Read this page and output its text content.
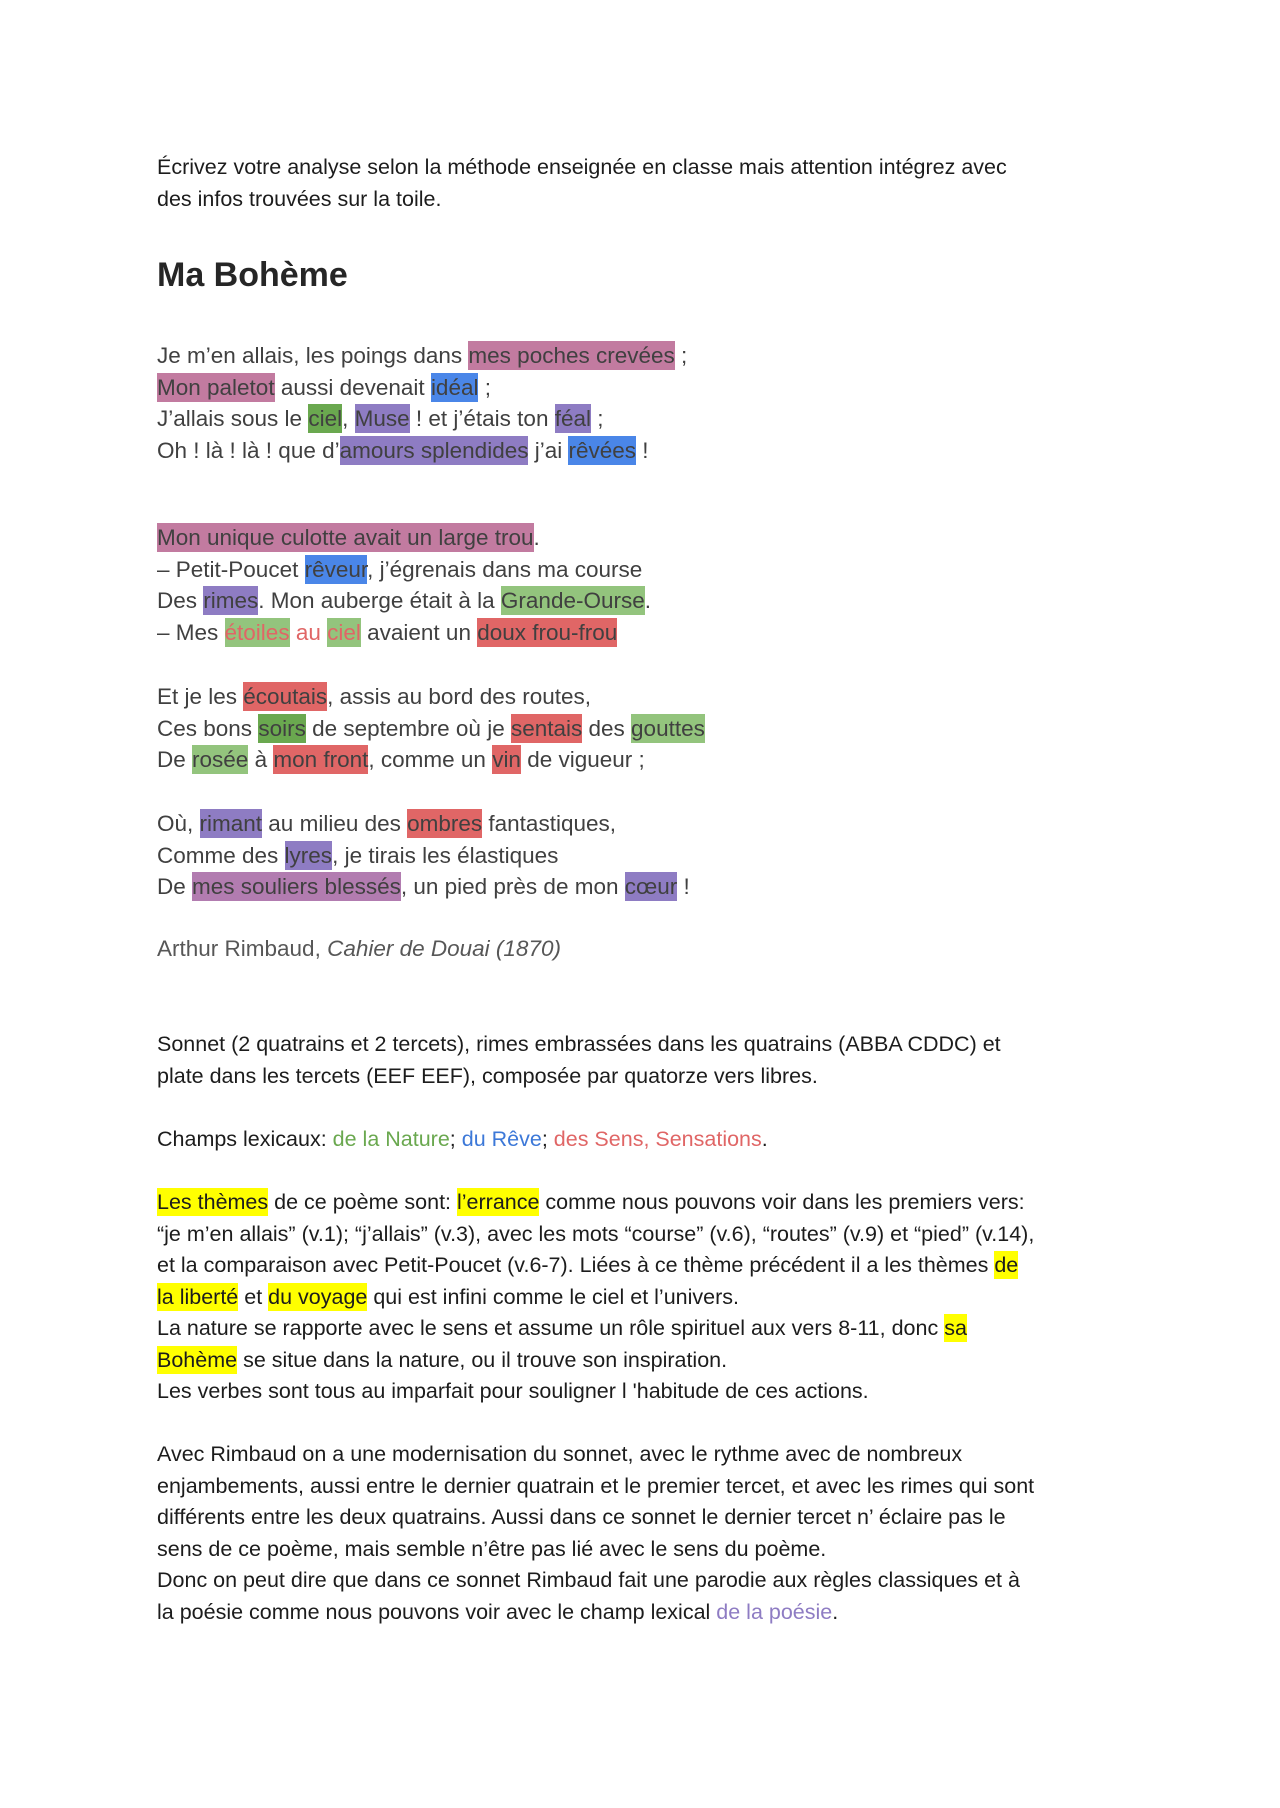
Écrivez votre analyse selon la méthode enseignée en classe mais attention intégrez avec
des infos trouvées sur la toile.
Ma Bohème
Je m’en allais, les poings dans mes poches crevées ;
Mon paletot aussi devenait idéal ;
J’allais sous le ciel, Muse ! et j’étais ton féal ;
Oh ! là ! là ! que d’amours splendides j’ai rêvées !
Mon unique culotte avait un large trou.
– Petit-Poucet rêveur, j’égrenais dans ma course
Des rimes. Mon auberge était à la Grande-Ourse.
– Mes étoiles au ciel avaient un doux frou-frou
Et je les écoutais, assis au bord des routes,
Ces bons soirs de septembre où je sentais des gouttes
De rosée à mon front, comme un vin de vigueur ;
Où, rimant au milieu des ombres fantastiques,
Comme des lyres, je tirais les élastiques
De mes souliers blessés, un pied près de mon cœur !
Arthur Rimbaud, Cahier de Douai (1870)
Sonnet (2 quatrains et 2 tercets), rimes embrassées dans les quatrains (ABBA CDDC) et
plate dans les tercets (EEF EEF), composée par quatorze vers libres.
Champs lexicaux: de la Nature; du Rêve; des Sens, Sensations.
Les thèmes de ce poème sont: l’errance comme nous pouvons voir dans les premiers vers:
“je m’en allais” (v.1); “j’allais” (v.3), avec les mots “course” (v.6), “routes” (v.9) et “pied” (v.14),
et la comparaison avec Petit-Poucet (v.6-7). Liées à ce thème précédent il a les thèmes de
la liberté et du voyage qui est infini comme le ciel et l’univers.
La nature se rapporte avec le sens et assume un rôle spirituel aux vers 8-11, donc sa
Bohème se situe dans la nature, ou il trouve son inspiration.
Les verbes sont tous au imparfait pour souligner l 'habitude de ces actions.
Avec Rimbaud on a une modernisation du sonnet, avec le rythme avec de nombreux
enjambements, aussi entre le dernier quatrain et le premier tercet, et avec les rimes qui sont
différents entre les deux quatrains. Aussi dans ce sonnet le dernier tercet n’ éclaire pas le
sens de ce poème, mais semble n’être pas lié avec le sens du poème.
Donc on peut dire que dans ce sonnet Rimbaud fait une parodie aux règles classiques et à
la poésie comme nous pouvons voir avec le champ lexical de la poésie.
